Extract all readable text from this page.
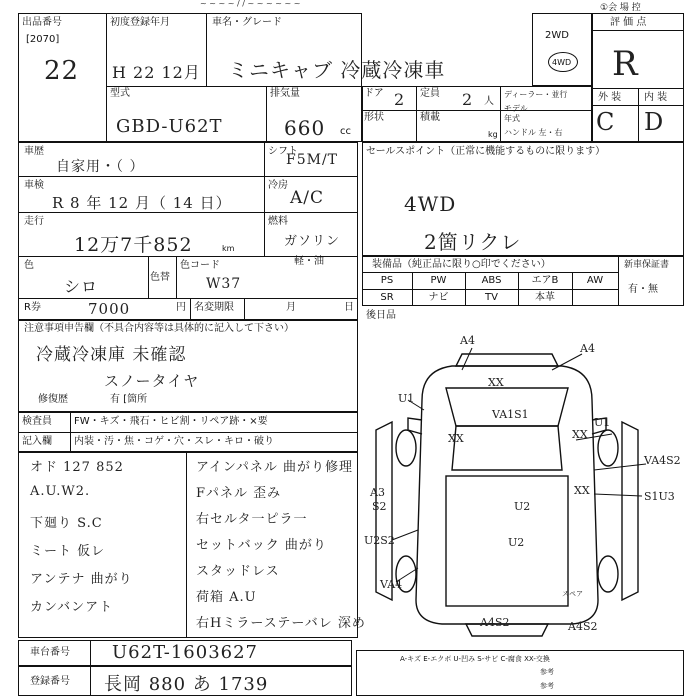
~ ~ ~ ~ / / ~ ~ ~ ~ ~ ~
出品番号
[2070]
22
初度登録年月
H 22 12月
車名・グレード
ミニキャブ 冷蔵冷凍車
2WD
4WD
評 価 点
R
外 装 内 装
C D
①会 場 控
型式
GBD-U62T
排気量
660 cc
ドア 2 定員 2 人
ディーラー・並行
モデル
年式
ハンドル 左・右
形状	積載
kg
車歴
自家用・（ ）
シフト
F5M/T
車検
R 8 年 12 月（ 14 日）
冷房
A/C
走行
12万7千852	km
燃料
ガソリン
軽・油
色
シロ	色替
色コード
W37
R券	7000	円 名変期限	月	日
セールスポイント（正常に機能するものに限ります）
4WD
2箇リクレ
装備品（純正品に限り○印でください）	新車保証書
有・無
PS	PW	ABS	エアB	AW
SR	ナビ	TV	本革
後日品
注意事項申告欄（不具合内容等は具体的に記入して下さい）
冷蔵冷凍庫 未確認
スノータイヤ
修復歴	有 [箇所
検査員
記入欄
FW・キズ・飛石・ヒビ割・リペア跡・×要
内装・汚・焦・コゲ・穴・スレ・キロ・破り
オド 127 852
A.U.W2.
下廻り S.C
ミート 仮レ
アンテナ 曲がり
カンバンアト
アインパネル 曲がり修理
Fパネル 歪み
右セルタ一ピラ一
セットバック 曲がり
スタッドレス
荷箱 A.U
右Hミラーステーバレ 深め
A4
A4
U1
XX
VA1S1
U1
XX	XX
VA4S2
A3
S2	U2
XX	S1U3
U2S2
VA4
A4S2
U2
A4S2
スペア
車台番号 U62T-1603627
登録番号 長岡 880 あ 1739
A-キズ E-エクボ U-凹み S-サビ C-腐食 XX-交換
参考
参考
